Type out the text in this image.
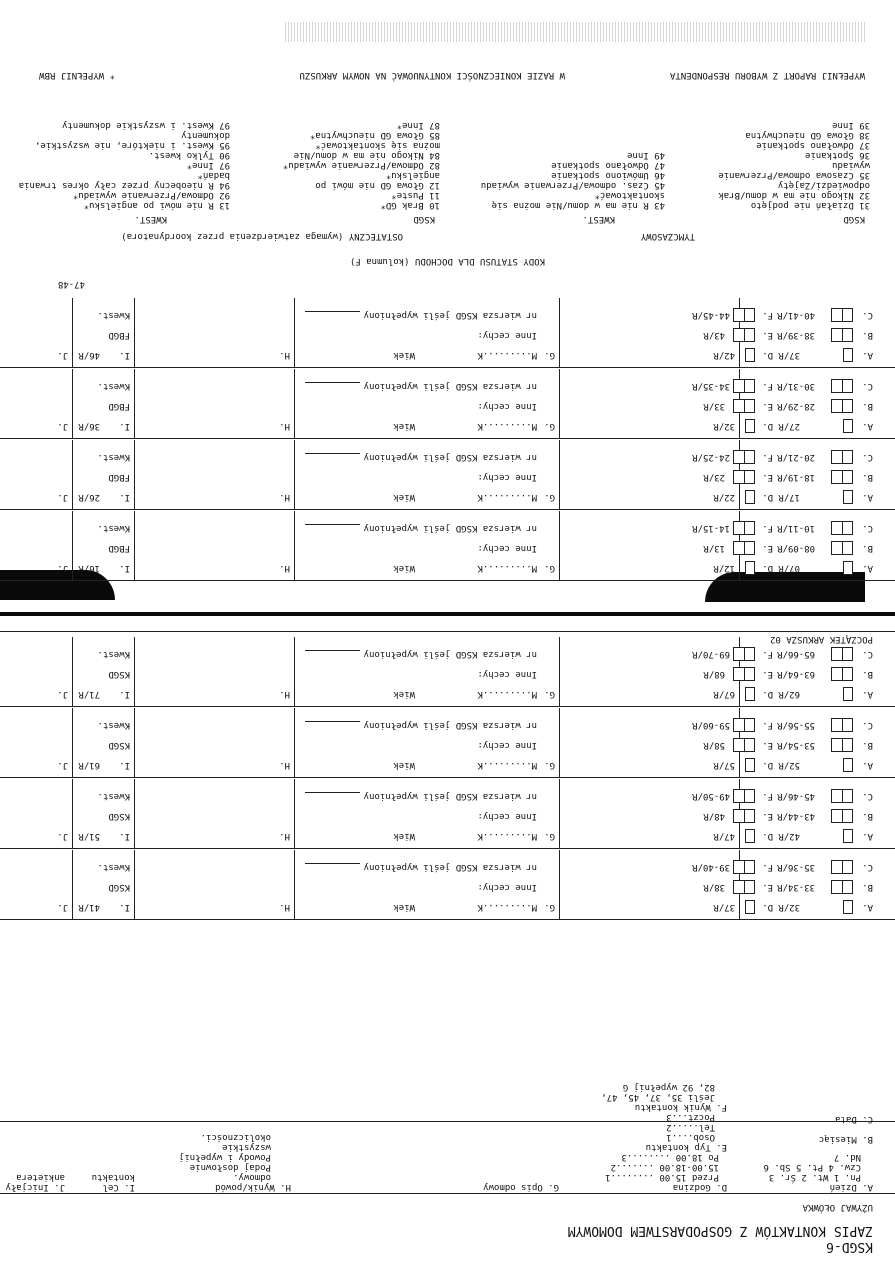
KSGD-6
ZAPIS KONTAKTÓW Z GOSPODARSTWEM DOMOWYM
UŻYWAJ OŁÓWKA
A. Dzień
Pn. 1 Wt. 2 Śr. 3
Czw. 4 Pt. 5 Sb. 6
Nd. 7
B. Miesiąc
C. Data
D. Godzina
Przed 15.00 ........1
15.00-18.00 .......2
Po 18.00 ........3
E. Typ kontaktu
Osob....1
Tel.....2
Poczt...3
F. Wynik kontaktu
Jeśli 35, 37, 45, 47,
82, 92 wypełnij G
G. Opis odmowy
H. Wynik/powód
odmowy.
Podaj dosłownie
Powody i wypełnij
wszystkie
okoliczności.
I. Cel
kontaktu
J. Inicjały
ankietera
A.
32/R
D.
37/R
G.
M.........K
Wiek
H.
I.
41/R
J.
B.
33-34/R
E.
38/R
Inne cechy:
KSGD
C.
35-36/R
F.
39-40/R
nr wiersza KSGD jeśli wypełniony
Kwest.
A.
42/R
D.
47/R
G.
M.........K
Wiek
H.
I.
51/R
J.
B.
43-44/R
E.
48/R
Inne cechy:
KSGD
C.
45-46/R
F.
49-50/R
nr wiersza KSGD jeśli wypełniony
Kwest.
A.
52/R
D.
57/R
G.
M.........K
Wiek
H.
I.
61/R
J.
B.
53-54/R
E.
58/R
Inne cechy:
KSGD
C.
55-56/R
F.
59-60/R
nr wiersza KSGD jeśli wypełniony
Kwest.
A.
62/R
D.
67/R
G.
M.........K
Wiek
H.
I.
71/R
J.
B.
63-64/R
E.
68/R
Inne cechy:
KSGD
C.
65-66/R
F.
69-70/R
nr wiersza KSGD jeśli wypełniony
Kwest.
POCZĄTEK ARKUSZA 02
A.
07/R
D.
12/R
G.
M.........K
Wiek
H.
I.
16/R
J.
B.
08-09/R
E.
13/R
Inne cechy:
FBGD
C.
10-11/R
F.
14-15/R
nr wiersza KSGD jeśli wypełniony
Kwest.
A.
17/R
D.
22/R
G.
M.........K
Wiek
H.
I.
26/R
J.
B.
18-19/R
E.
23/R
Inne cechy:
FBGD
C.
20-21/R
F.
24-25/R
nr wiersza KSGD jeśli wypełniony
Kwest.
A.
27/R
D.
32/R
G.
M.........K
Wiek
H.
I.
36/R
J.
B.
28-29/R
E.
33/R
Inne cechy:
FBGD
C.
30-31/R
F.
34-35/R
nr wiersza KSGD jeśli wypełniony
Kwest.
A.
37/R
D.
42/R
G.
M.........K
Wiek
H.
I.
46/R
J.
B.
38-39/R
E.
43/R
Inne cechy:
FBGD
C.
40-41/R
F.
44-45/R
nr wiersza KSGD jeśli wypełniony
Kwest.
47-48
KODY STATUSU DLA DOCHODU (kolumna F)
TYMCZASOWY
OSTATECZNY (wymaga zatwierdzenia przez koordynatora)
KSGD
KWEST.
KSGD
KWEST.
31 Działań nie podjęto
32 Nikogo nie ma w domu/Brak
odpowiedzi/Zajęty
35 Czasowa odmowa/Przerwanie
wywiadu
36 Spotkanie
37 Odwołano spotkanie
38 Głowa GD nieuchwytna
39 Inne
43 R nie ma w domu/Nie można się
skontaktować*
45 Czas. odmowa/Przerwanie wywiadu
46 Umówiono spotkanie
47 Odwołano spotkanie
49 Inne
10 Brak GD*
11 Puste*
12 Głowa GD nie mówi po
angielsku*
82 Odmowa/Przerwanie wywiadu*
84 Nikogo nie ma w domu/Nie
można się skontaktować*
85 Głowa GD nieuchwytna*
87 Inne*
13 R nie mówi po angielsku*
92 Odmowa/Przerwanie wywiadu*
94 R nieobecny przez cały okres trwania
badań*
97 Inne*
90 Tylko kwest.
95 Kwest. i niektóre, nie wszystkie,
dokumenty
97 Kwest. i wszystkie dokumenty
WYPEŁNIJ RAPORT Z WYBORU RESPONDENTA
W RAZIE KONIECZNOŚCI KONTYNUOWAĆ NA NOWYM ARKUSZU
* WYPEŁNIJ RBW
